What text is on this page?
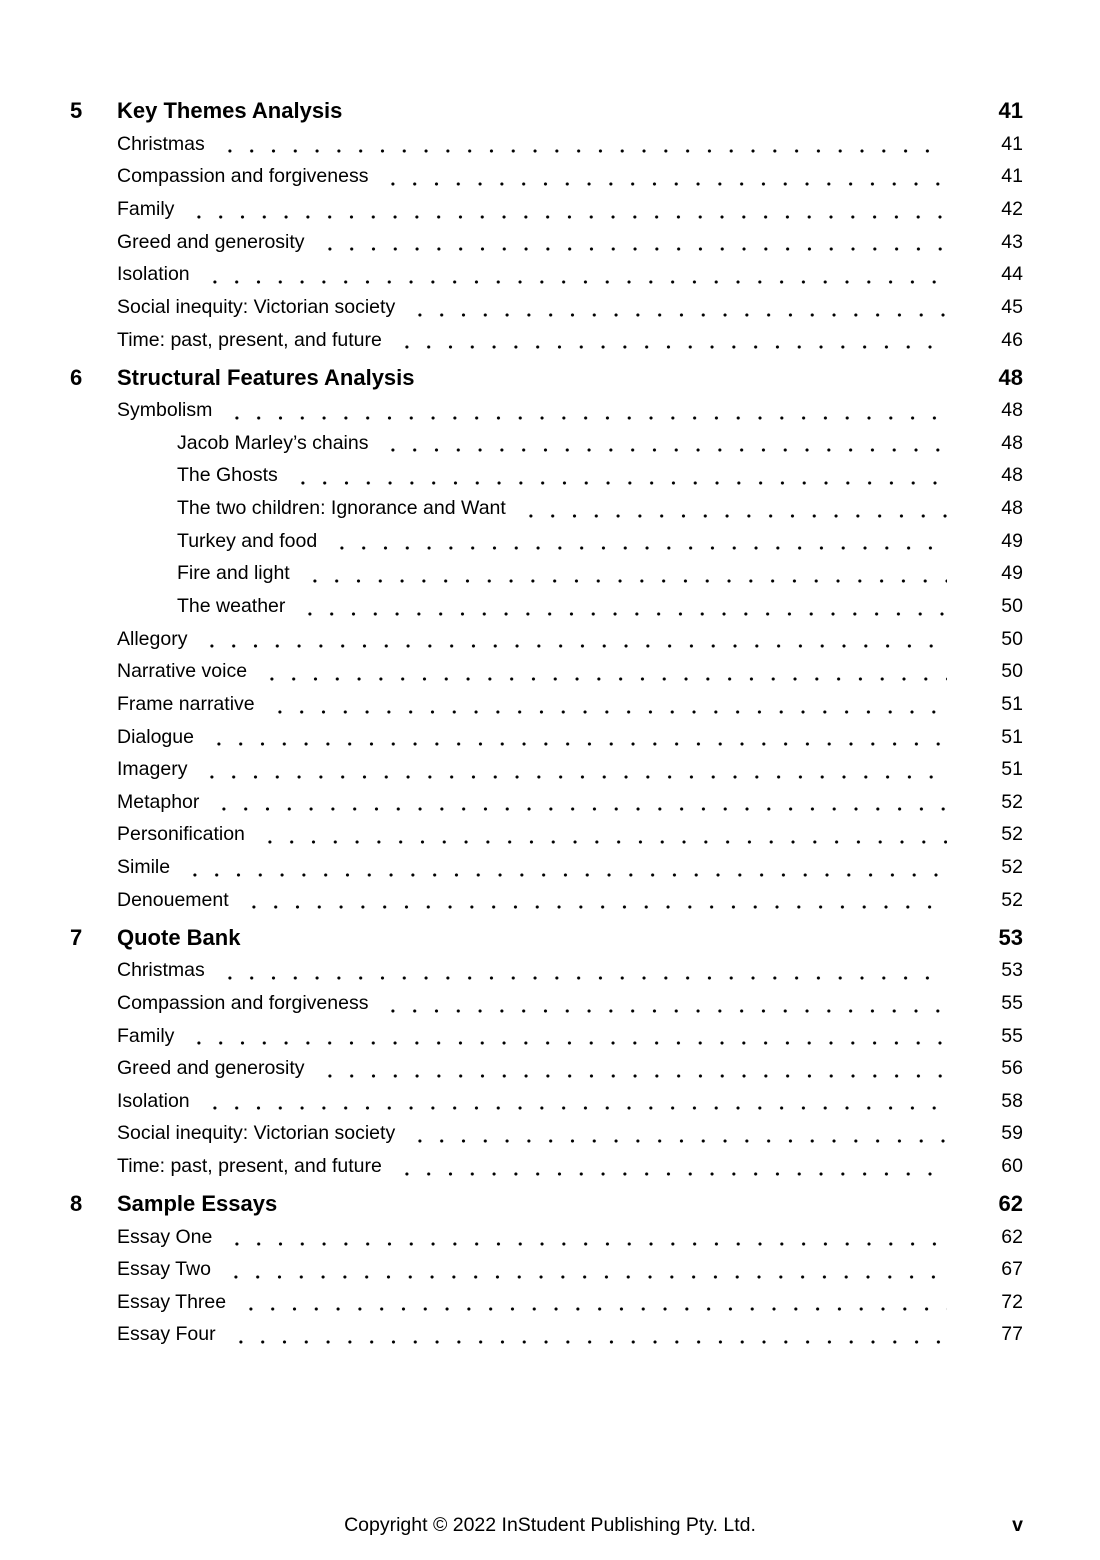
5	Key Themes Analysis	41
Christmas	41
Compassion and forgiveness	41
Family	42
Greed and generosity	43
Isolation	44
Social inequity: Victorian society	45
Time: past, present, and future	46
6	Structural Features Analysis	48
Symbolism	48
Jacob Marley’s chains	48
The Ghosts	48
The two children: Ignorance and Want	48
Turkey and food	49
Fire and light	49
The weather	50
Allegory	50
Narrative voice	50
Frame narrative	51
Dialogue	51
Imagery	51
Metaphor	52
Personification	52
Simile	52
Denouement	52
7	Quote Bank	53
Christmas	53
Compassion and forgiveness	55
Family	55
Greed and generosity	56
Isolation	58
Social inequity: Victorian society	59
Time: past, present, and future	60
8	Sample Essays	62
Essay One	62
Essay Two	67
Essay Three	72
Essay Four	77
Copyright © 2022 InStudent Publishing Pty. Ltd.	v
